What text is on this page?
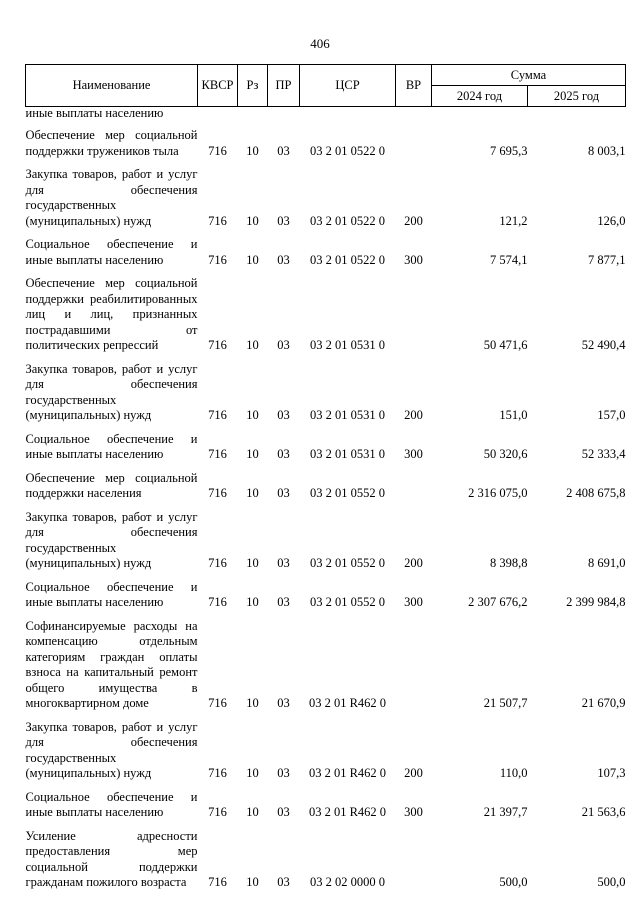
406
Наименование	КВСР	Рз	ПР	ЦСР	ВР	Сумма	
						2024 год	2025 год
иные выплаты населению							

Обеспечение мер социальной поддержки тружеников тыла	716	10	03	03 2 01 0522 0		7 695,3	8 003,1

Закупка товаров, работ и услуг для обеспечения государственных (муниципальных) нужд	716	10	03	03 2 01 0522 0	200	121,2	126,0

Социальное обеспечение и иные выплаты населению	716	10	03	03 2 01 0522 0	300	7 574,1	7 877,1

Обеспечение мер социальной поддержки реабилитированных лиц и лиц, признанных пострадавшими от политических репрессий	716	10	03	03 2 01 0531 0		50 471,6	52 490,4

Закупка товаров, работ и услуг для обеспечения государственных (муниципальных) нужд	716	10	03	03 2 01 0531 0	200	151,0	157,0

Социальное обеспечение и иные выплаты населению	716	10	03	03 2 01 0531 0	300	50 320,6	52 333,4

Обеспечение мер социальной поддержки населения	716	10	03	03 2 01 0552 0		2 316 075,0	2 408 675,8

Закупка товаров, работ и услуг для обеспечения государственных (муниципальных) нужд	716	10	03	03 2 01 0552 0	200	8 398,8	8 691,0

Социальное обеспечение и иные выплаты населению	716	10	03	03 2 01 0552 0	300	2 307 676,2	2 399 984,8

Софинансируемые расходы на компенсацию отдельным категориям граждан оплаты взноса на капитальный ремонт общего имущества в многоквартирном доме	716	10	03	03 2 01 R462 0		21 507,7	21 670,9

Закупка товаров, работ и услуг для обеспечения государственных (муниципальных) нужд	716	10	03	03 2 01 R462 0	200	110,0	107,3

Социальное обеспечение и иные выплаты населению	716	10	03	03 2 01 R462 0	300	21 397,7	21 563,6

Усиление адресности предоставления мер социальной поддержки гражданам пожилого возраста	716	10	03	03 2 02 0000 0		500,0	500,0
